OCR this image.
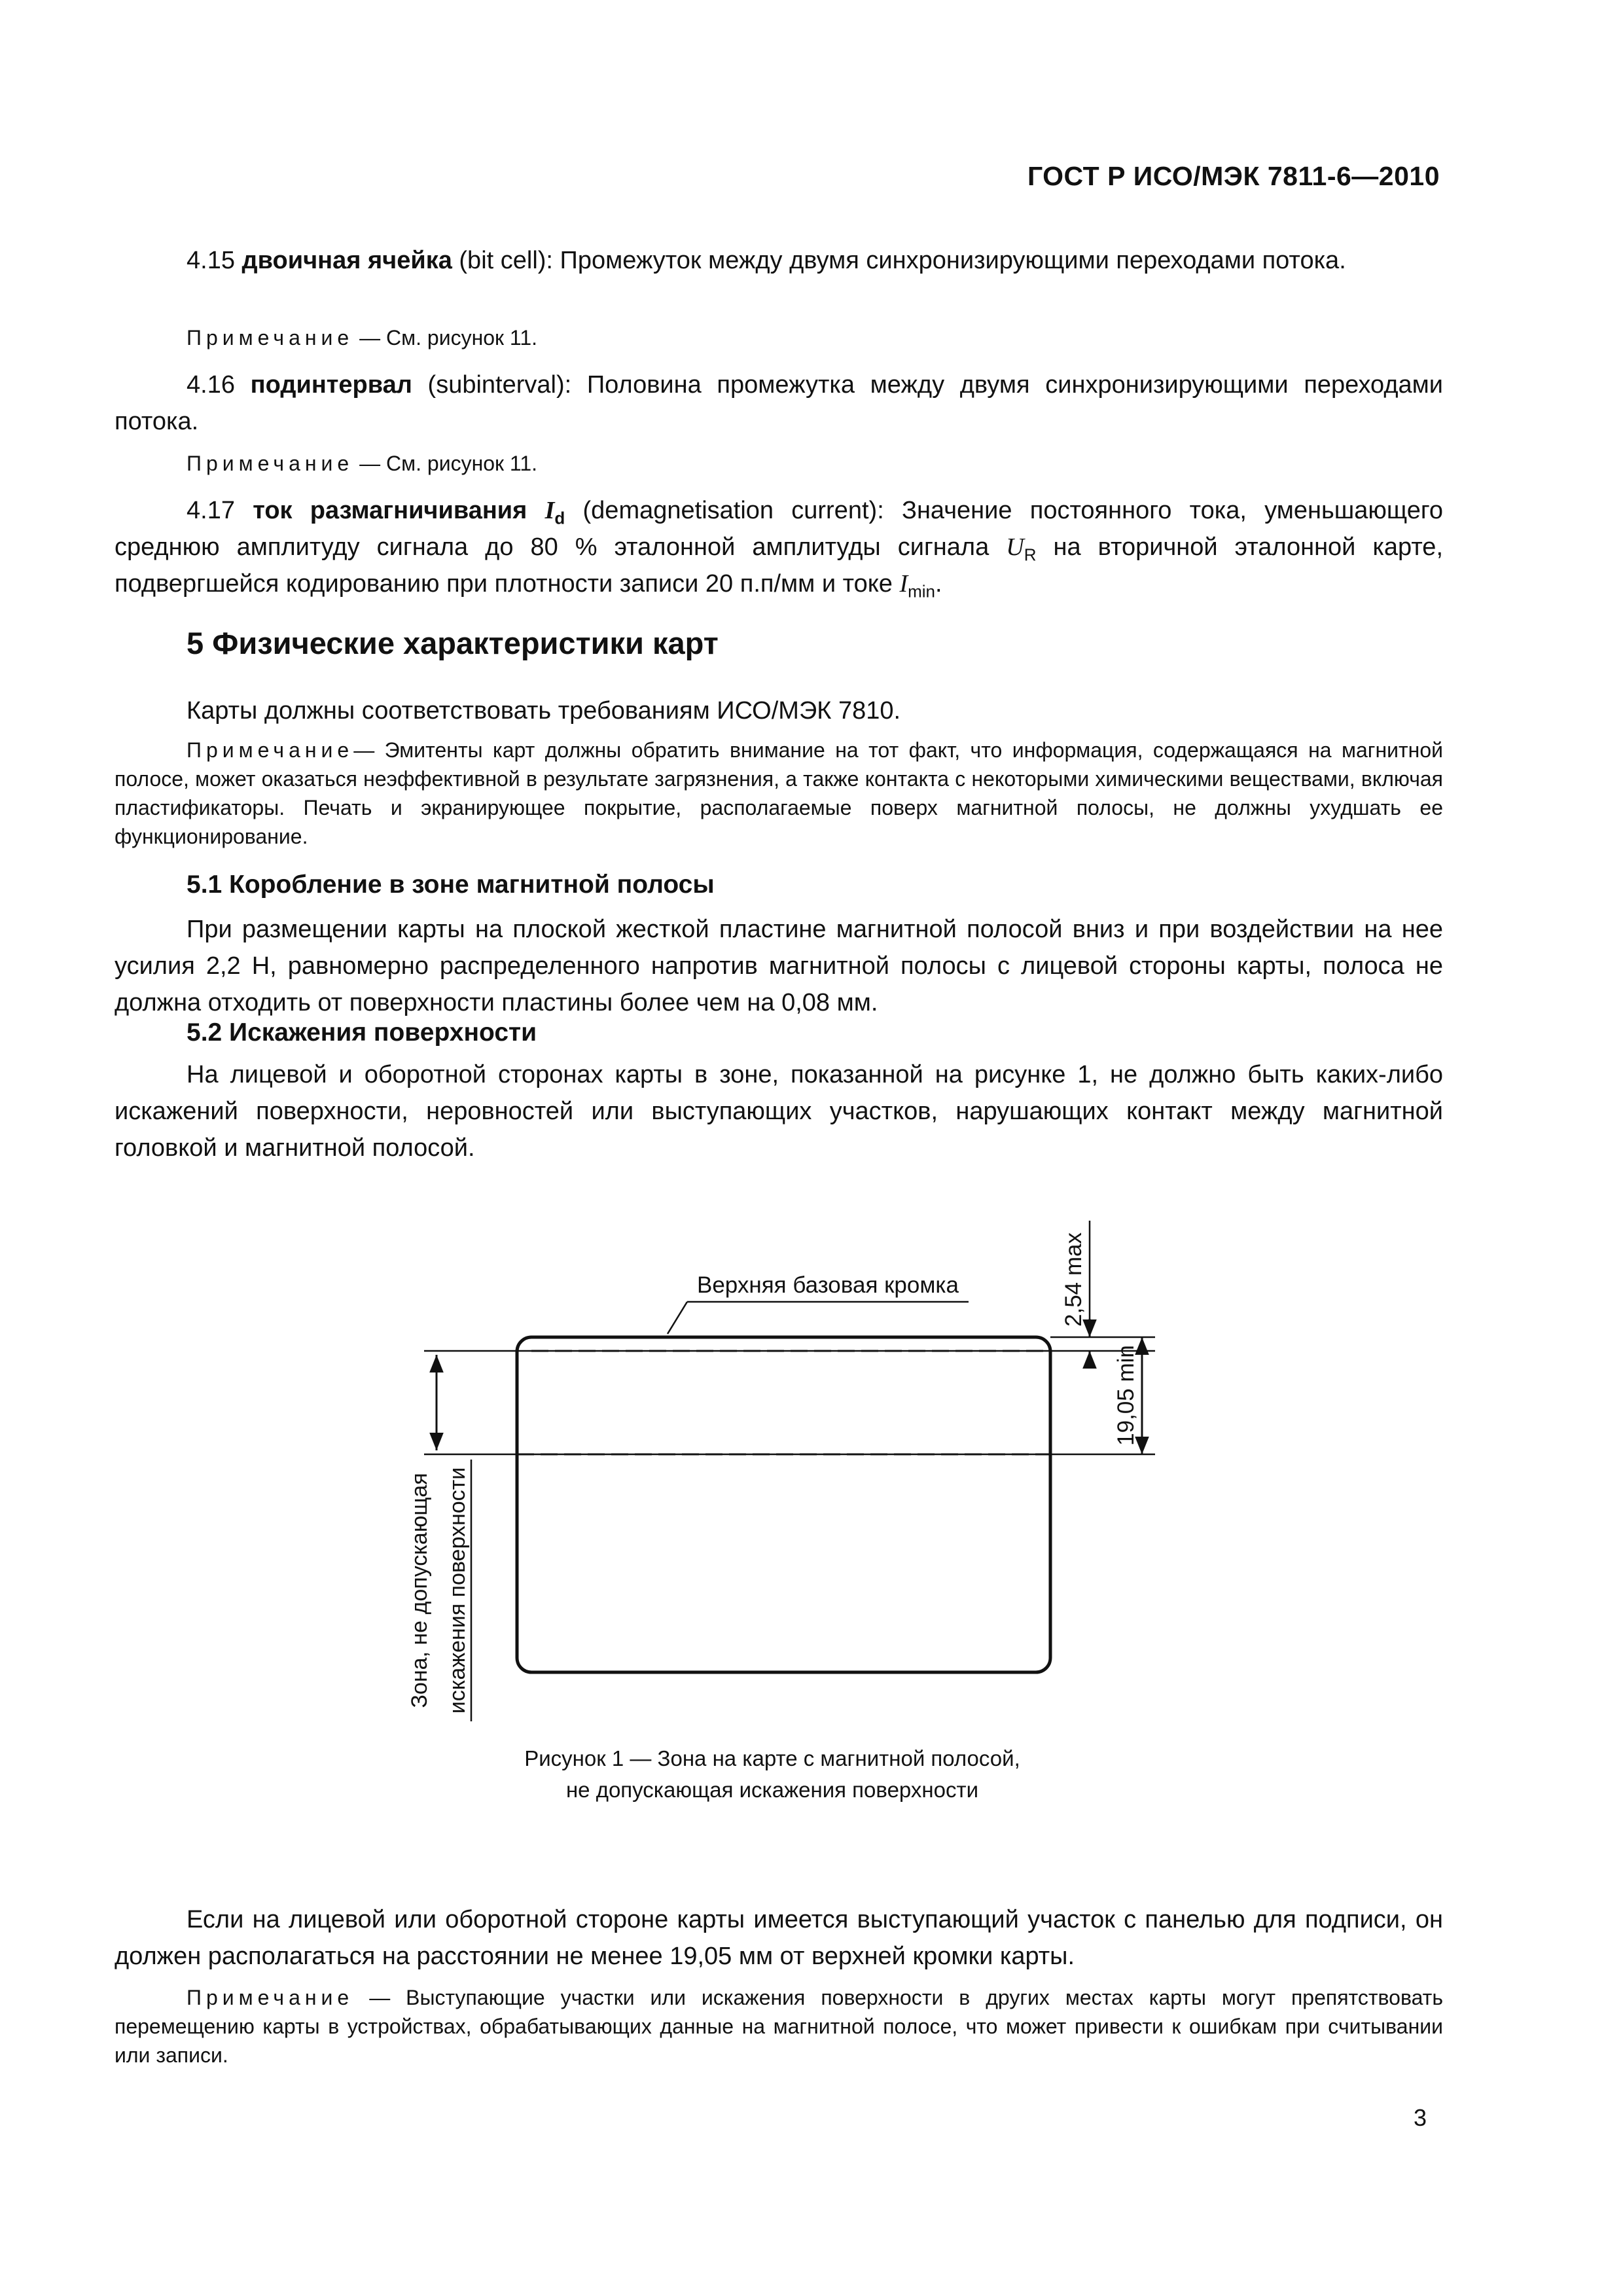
ГОСТ Р ИСО/МЭК 7811-6—2010
4.15 двоичная ячейка (bit cell): Промежуток между двумя синхронизирующими переходами потока.
Примечание — См. рисунок 11.
4.16 подинтервал (subinterval): Половина промежутка между двумя синхронизирующими переходами потока.
Примечание — См. рисунок 11.
4.17 ток размагничивания $I_d$ (demagnetisation current): Значение постоянного тока, уменьшающего среднюю амплитуду сигнала до 80 % эталонной амплитуды сигнала $U_R$ на вторичной эталонной карте, подвергшейся кодированию при плотности записи 20 п.п/мм и токе $I_{min}$.
5 Физические характеристики карт
Карты должны соответствовать требованиям ИСО/МЭК 7810.
Примечание— Эмитенты карт должны обратить внимание на тот факт, что информация, содержащаяся на магнитной полосе, может оказаться неэффективной в результате загрязнения, а также контакта с некоторыми химическими веществами, включая пластификаторы. Печать и экранирующее покрытие, располагаемые поверх магнитной полосы, не должны ухудшать ее функционирование.
5.1 Коробление в зоне магнитной полосы
При размещении карты на плоской жесткой пластине магнитной полосой вниз и при воздействии на нее усилия 2,2 Н, равномерно распределенного напротив магнитной полосы с лицевой стороны карты, полоса не должна отходить от поверхности пластины более чем на 0,08 мм.
5.2 Искажения поверхности
На лицевой и оборотной сторонах карты в зоне, показанной на рисунке 1, не должно быть каких-либо искажений поверхности, неровностей или выступающих участков, нарушающих контакт между магнитной головкой и магнитной полосой.
Верхняя базовая кромка	2,54 max
19,05 min
Зона, не допускающая искажения поверхности
Рисунок 1 — Зона на карте с магнитной полосой,
не допускающая искажения поверхности
Если на лицевой или оборотной стороне карты имеется выступающий участок с панелью для подписи, он должен располагаться на расстоянии не менее 19,05 мм от верхней кромки карты.
Примечание — Выступающие участки или искажения поверхности в других местах карты могут препятствовать перемещению карты в устройствах, обрабатывающих данные на магнитной полосе, что может привести к ошибкам при считывании или записи.
3
